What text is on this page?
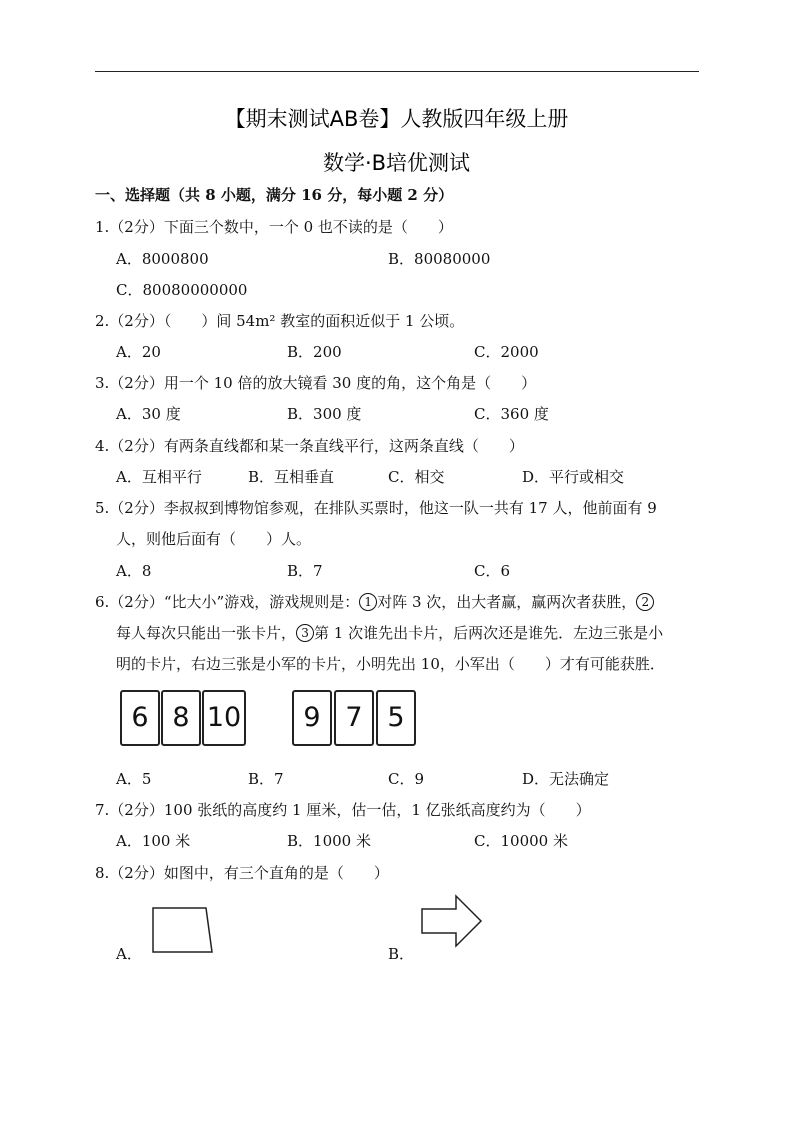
【期末测试AB卷】人教版四年级上册
数学·B培优测试
一、选择题（共 8 小题，满分 16 分，每小题 2 分）
1.（2分）下面三个数中，一个 0 也不读的是（　　）
A．8000800	B．80080000
C．80080000000
2.（2分）（　　）间 54m² 教室的面积近似于 1 公顷。
A．20	B．200	C．2000
3.（2分）用一个 10 倍的放大镜看 30 度的角，这个角是（　　）
A．30 度	B．300 度	C．360 度
4.（2分）有两条直线都和某一条直线平行，这两条直线（　　）
A．互相平行	B．互相垂直	C．相交	D．平行或相交
5.（2分）李叔叔到博物馆参观，在排队买票时，他这一队一共有 17 人，他前面有 9
人，则他后面有（　　）人。
A．8	B．7	C．6
6.（2分）“比大小”游戏，游戏规则是： 1 对阵 3 次，出大者赢，赢两次者获胜， 2
每人每次只能出一张卡片， 3 第 1 次谁先出卡片，后两次还是谁先．左边三张是小
明的卡片，右边三张是小军的卡片，小明先出 10，小军出（　　）才有可能获胜．
6 8 10	9 7 5
A．5	B．7	C．9	D．无法确定
7.（2分）100 张纸的高度约 1 厘米，估一估，1 亿张纸高度约为（　　）
A．100 米	B．1000 米	C．10000 米
8.（2分）如图中，有三个直角的是（　　）
A．	B．
